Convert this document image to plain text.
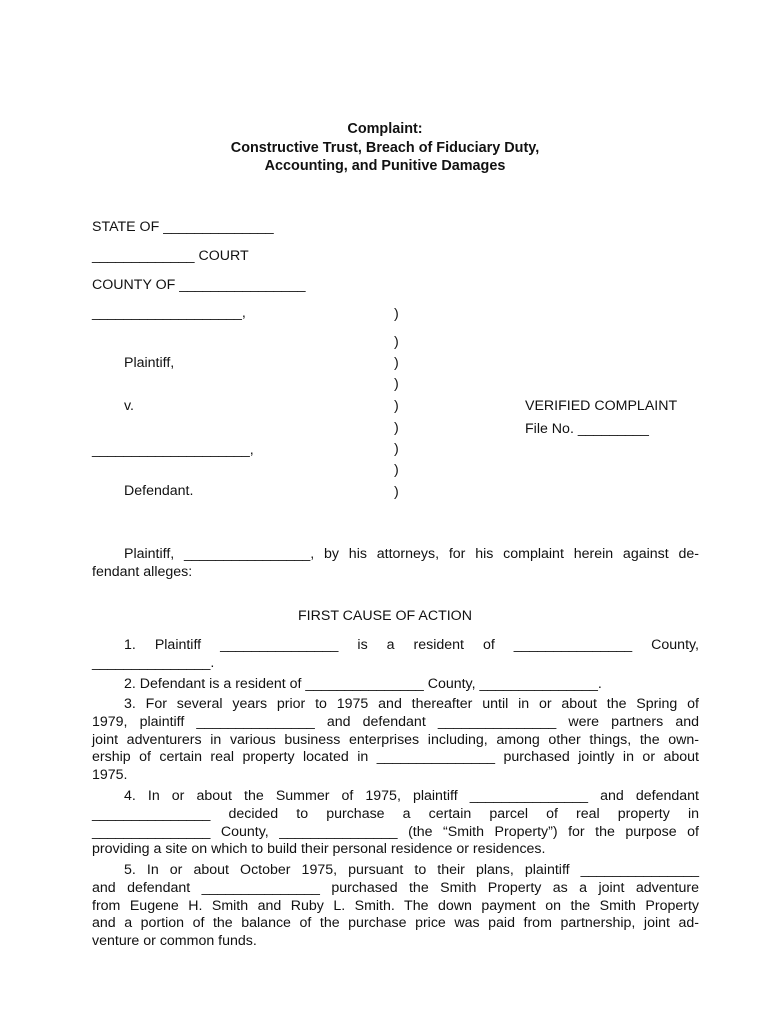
Complaint:
Constructive Trust, Breach of Fiduciary Duty,
Accounting, and Punitive Damages
STATE OF ______________
_____________ COURT
COUNTY OF ________________
___________________,
Plaintiff,
v.
____________________,
Defendant.
)
)
)
)
)
)
)
)
)
VERIFIED COMPLAINT
File No. _________
Plaintiff, ________________, by his attorneys, for his complaint herein against de-
fendant alleges:
FIRST CAUSE OF ACTION
1. Plaintiff _______________ is a resident of _______________ County,
_______________.
2. Defendant is a resident of _______________ County, _______________.
3. For several years prior to 1975 and thereafter until in or about the Spring of
1979, plaintiff _______________ and defendant _______________ were partners and
joint adventurers in various business enterprises including, among other things, the own-
ership of certain real property located in _______________ purchased jointly in or about
1975.
4. In or about the Summer of 1975, plaintiff _______________ and defendant
_______________ decided to purchase a certain parcel of real property in
_______________ County, _______________ (the “Smith Property”) for the purpose of
providing a site on which to build their personal residence or residences.
5. In or about October 1975, pursuant to their plans, plaintiff _______________
and defendant _______________ purchased the Smith Property as a joint adventure
from Eugene H. Smith and Ruby L. Smith. The down payment on the Smith Property
and a portion of the balance of the purchase price was paid from partnership, joint ad-
venture or common funds.
